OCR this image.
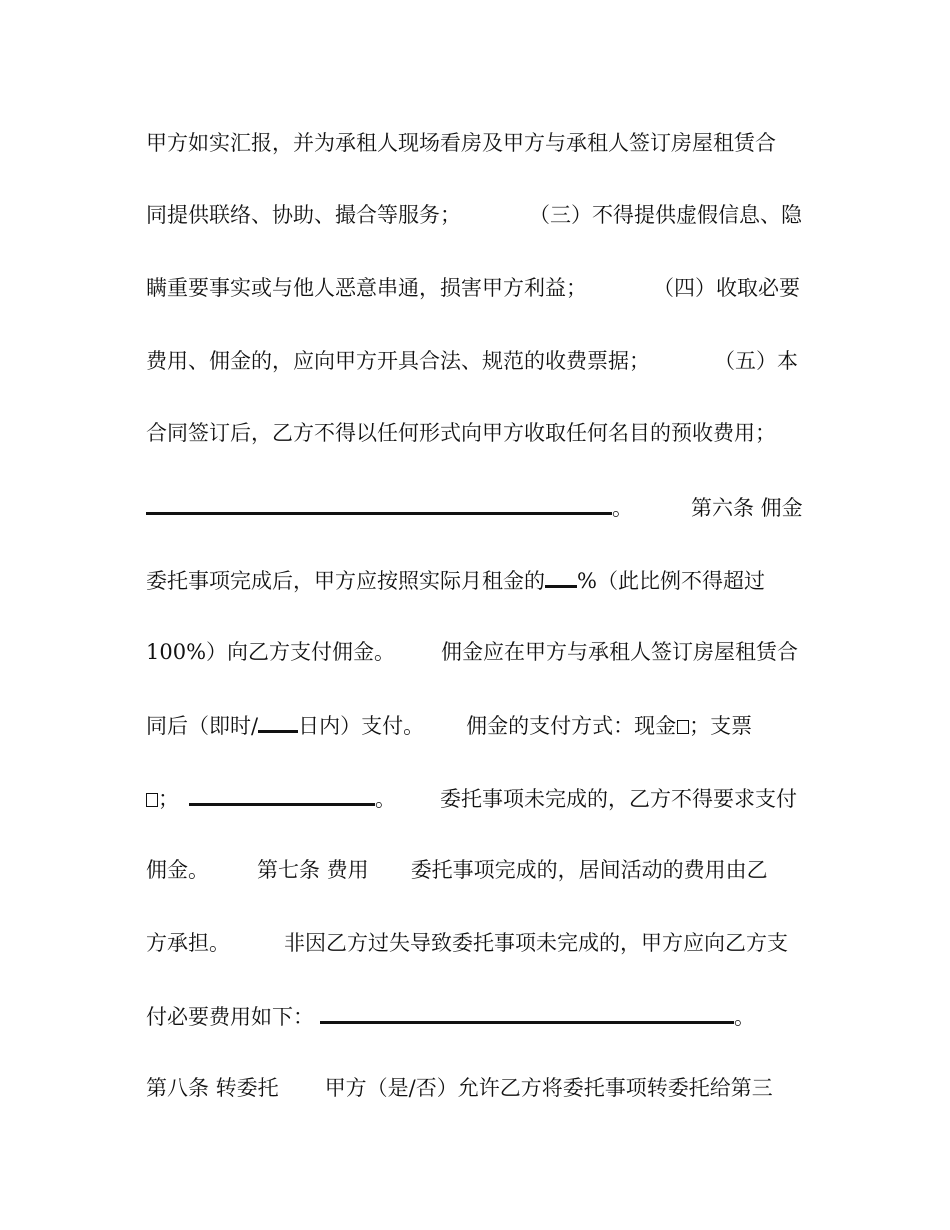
甲方如实汇报，并为承租人现场看房及甲方与承租人签订房屋租赁合
同提供联络、协助、撮合等服务；	（三）不得提供虚假信息、隐
瞒重要事实或与他人恶意串通，损害甲方利益；	（四）收取必要
费用、佣金的，应向甲方开具合法、规范的收费票据；	（五）本
合同签订后，乙方不得以任何形式向甲方收取任何名目的预收费用；
。	第六条 佣金
委托事项完成后，甲方应按照实际月租金的 %（此比例不得超过
100%）向乙方支付佣金。 佣金应在甲方与承租人签订房屋租赁合
同后（即时/ 日内）支付。 佣金的支付方式：现金 ；支票
；	。 委托事项未完成的，乙方不得要求支付
佣金。 第七条 费用 委托事项完成的，居间活动的费用由乙
方承担。	非因乙方过失导致委托事项未完成的，甲方应向乙方支
付必要费用如下：	。
第八条 转委托 甲方（是/否）允许乙方将委托事项转委托给第三
